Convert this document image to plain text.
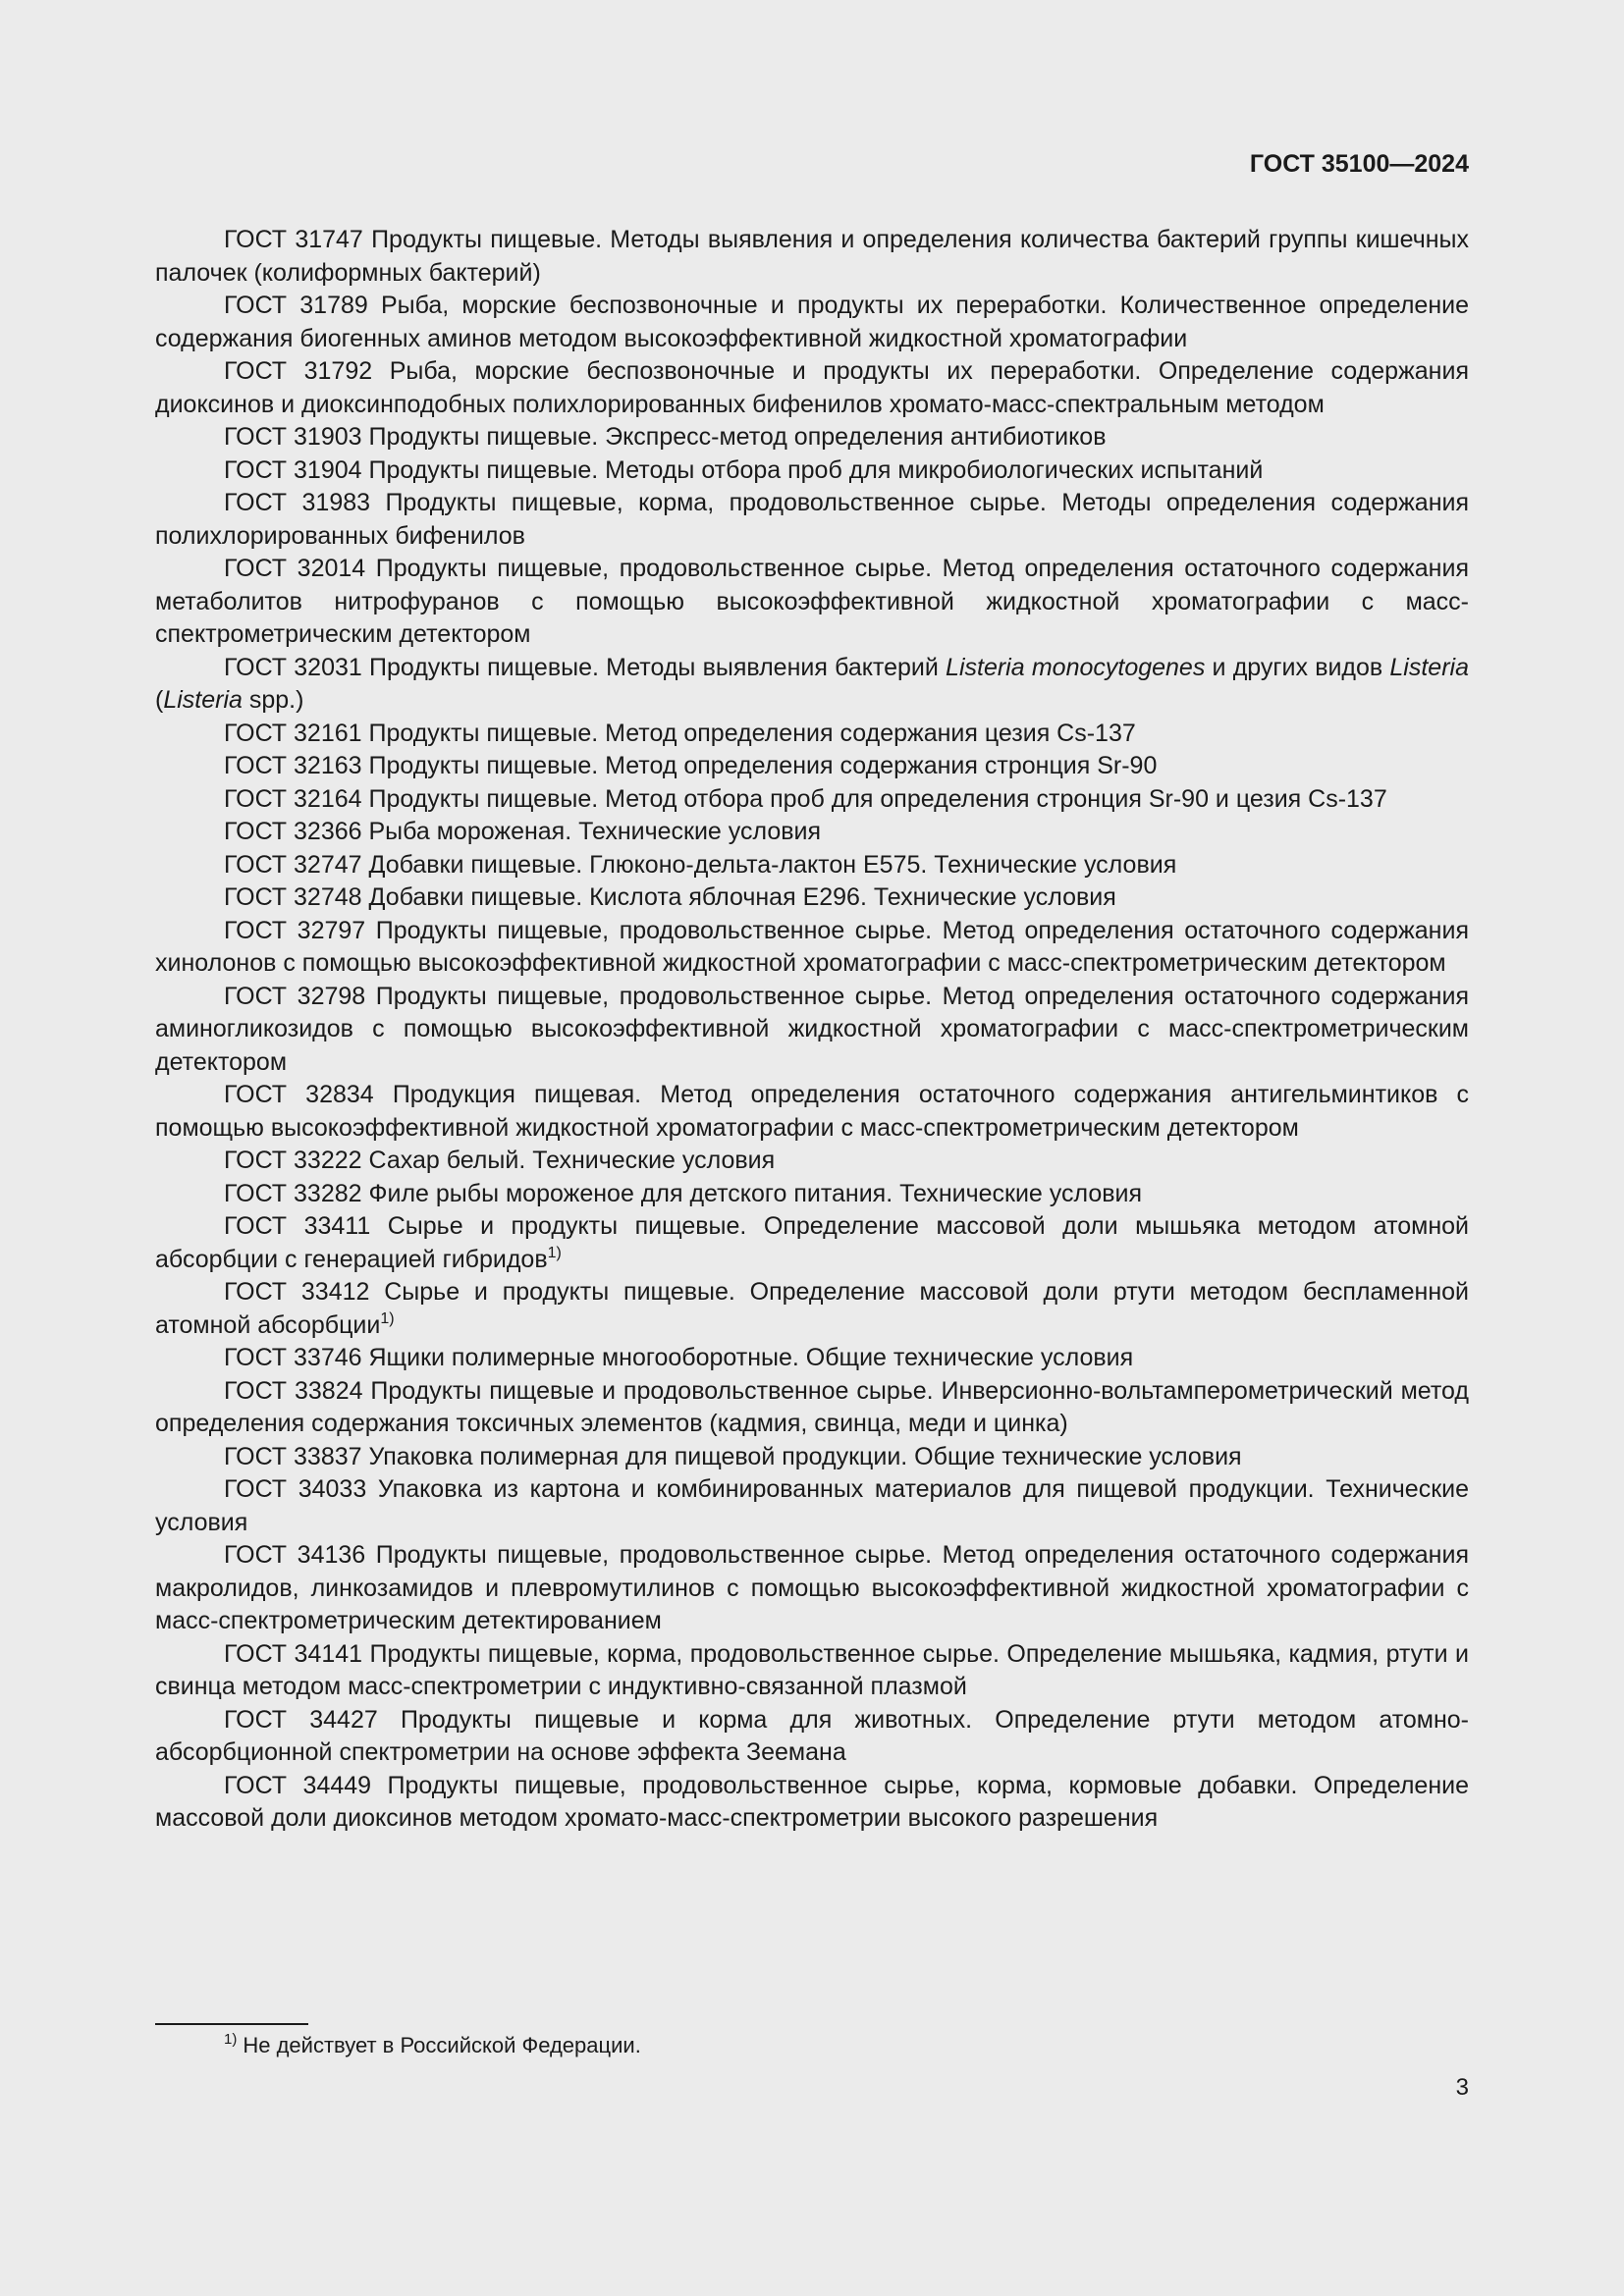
ГОСТ 35100—2024

ГОСТ 31747 Продукты пищевые. Методы выявления и определения количества бактерий группы кишечных палочек (колиформных бактерий)

ГОСТ 31789 Рыба, морские беспозвоночные и продукты их переработки. Количественное определение содержания биогенных аминов методом высокоэффективной жидкостной хроматографии

ГОСТ 31792 Рыба, морские беспозвоночные и продукты их переработки. Определение содержания диоксинов и диоксинподобных полихлорированных бифенилов хромато-масс-спектральным методом

ГОСТ 31903 Продукты пищевые. Экспресс-метод определения антибиотиков

ГОСТ 31904 Продукты пищевые. Методы отбора проб для микробиологических испытаний

ГОСТ 31983 Продукты пищевые, корма, продовольственное сырье. Методы определения содержания полихлорированных бифенилов

ГОСТ 32014 Продукты пищевые, продовольственное сырье. Метод определения остаточного содержания метаболитов нитрофуранов с помощью высокоэффективной жидкостной хроматографии с масс-спектрометрическим детектором

ГОСТ 32031 Продукты пищевые. Методы выявления бактерий Listeria monocytogenes и других видов Listeria (Listeria spp.)

ГОСТ 32161 Продукты пищевые. Метод определения содержания цезия Cs-137

ГОСТ 32163 Продукты пищевые. Метод определения содержания стронция Sr-90

ГОСТ 32164 Продукты пищевые. Метод отбора проб для определения стронция Sr-90 и цезия Cs-137

ГОСТ 32366 Рыба мороженая. Технические условия

ГОСТ 32747 Добавки пищевые. Глюконо-дельта-лактон Е575. Технические условия

ГОСТ 32748 Добавки пищевые. Кислота яблочная Е296. Технические условия

ГОСТ 32797 Продукты пищевые, продовольственное сырье. Метод определения остаточного содержания хинолонов с помощью высокоэффективной жидкостной хроматографии с масс-спектрометрическим детектором

ГОСТ 32798 Продукты пищевые, продовольственное сырье. Метод определения остаточного содержания аминогликозидов с помощью высокоэффективной жидкостной хроматографии с масс-спектрометрическим детектором

ГОСТ 32834 Продукция пищевая. Метод определения остаточного содержания антигельминтиков с помощью высокоэффективной жидкостной хроматографии с масс-спектрометрическим детектором

ГОСТ 33222 Сахар белый. Технические условия

ГОСТ 33282 Филе рыбы мороженое для детского питания. Технические условия

ГОСТ 33411 Сырье и продукты пищевые. Определение массовой доли мышьяка методом атомной абсорбции с генерацией гибридов$^{1)}$

ГОСТ 33412 Сырье и продукты пищевые. Определение массовой доли ртути методом беспламенной атомной абсорбции$^{1)}$

ГОСТ 33746 Ящики полимерные многооборотные. Общие технические условия

ГОСТ 33824 Продукты пищевые и продовольственное сырье. Инверсионно-вольтамперометрический метод определения содержания токсичных элементов (кадмия, свинца, меди и цинка)

ГОСТ 33837 Упаковка полимерная для пищевой продукции. Общие технические условия

ГОСТ 34033 Упаковка из картона и комбинированных материалов для пищевой продукции. Технические условия

ГОСТ 34136 Продукты пищевые, продовольственное сырье. Метод определения остаточного содержания макролидов, линкозамидов и плевромутилинов с помощью высокоэффективной жидкостной хроматографии с масс-спектрометрическим детектированием

ГОСТ 34141 Продукты пищевые, корма, продовольственное сырье. Определение мышьяка, кадмия, ртути и свинца методом масс-спектрометрии с индуктивно-связанной плазмой

ГОСТ 34427 Продукты пищевые и корма для животных. Определение ртути методом атомно-абсорбционной спектрометрии на основе эффекта Зеемана

ГОСТ 34449 Продукты пищевые, продовольственное сырье, корма, кормовые добавки. Определение массовой доли диоксинов методом хромато-масс-спектрометрии высокого разрешения

$^{1)}$ Не действует в Российской Федерации.
3
